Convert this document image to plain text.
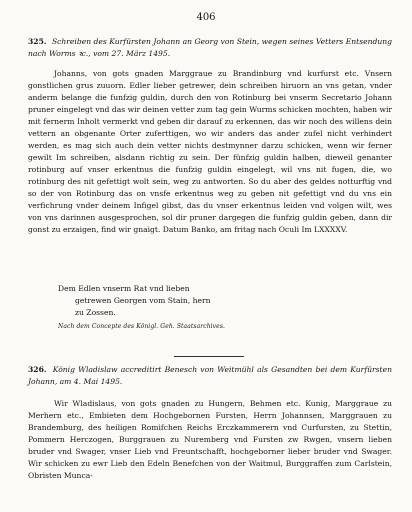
406
325. Schreiben des Kurfürsten Johann an Georg von Stein, wegen seines Vetters Entsendung nach Worms ꝛc., vom 27. März 1495.

Johanns, von gots gnaden Marggraue zu Brandinburg vnd kurfurst etc. Vnsern gonstlichen grus zuuorn. Edler lieber getrewer, dein schreiben hiruorn an vns getan, vnder anderm belange die funfzig guldin, durch den von Rotinburg bei vnserm Secretario Johann pruner eingelegt vnd das wir deinen vetter zum tag gein Wurms schicken mochten, haben wir mit fernerm Inholt vermerkt vnd geben dir darauf zu erkennen, das wir noch des willens dein vettern an obgenante Orter zuferttigen, wo wir anders das ander zufel nicht verhindert werden, es mag sich auch dein vetter nichts destmynner darzu schicken, wenn wir ferner gewilt Im schreiben, alsdann richtig zu sein. Der fünfzig guldin halben, dieweil genanter rotinburg auf vnser erkentnus die funfzig guldin eingelegt, wil vns nit fugen, die, wo rotinburg des nit gefettigt wolt sein, weg zu antworten. So du aber des geldes notturftig vnd so der von Rotinburg das on vnsfe erkentnus weg zu geben nit gefettigt vnd du vns ein verfichrung vnder deinem Infigel gibst, das du vnser erkentnus leiden vnd volgen wilt, wes von vns darinnen ausgesprochen, sol dir pruner dargegen die funfzig guldin geben, dann dir gonst zu erzaigen, find wir gnaigt. Datum Banko, am fritag nach Oculi Im LXXXXV.

Dem Edlen vnserm Rat vnd lieben
getrewen Georgen vom Stain, hern
zu Zossen.
Nach dem Concepte des Königl. Geh. Staatsarchives.
326. König Wladislaw accreditirt Benesch von Weitmühl als Gesandten bei dem Kurfürsten Johann, am 4. Mai 1495.

Wir Wladislaus, von gots gnaden zu Hungern, Behmen etc. Kunig, Marggraue zu Merhern etc., Embieten dem Hochgebornen Fursten, Herrn Johannsen, Marggrauen zu Brandemburg, des heiligen Romifchen Reichs Erczkammerern vnd Curfursten, zu Stettin, Pommern Herczogen, Burggrauen zu Nuremberg vnd Fursten zw Rwgen, vnsern lieben bruder vnd Swager, vnser Lieb vnd Freuntschafft, hochgeborner lieber bruder vnd Swager. Wir schicken zu ewr Lieb den Edeln Benefchen von der Waitmul, Burggraffen zum Carlstein, Obristen Munca-
